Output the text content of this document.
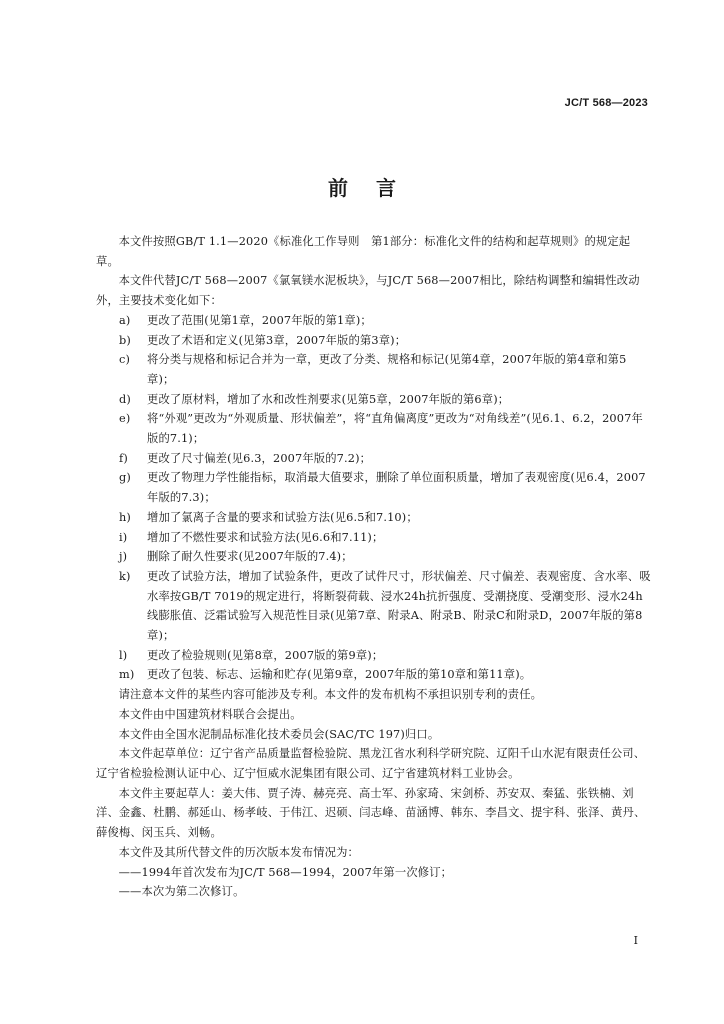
JC/T 568—2023
前言

本文件按照GB/T 1.1—2020《标准化工作导则　第1部分：标准化文件的结构和起草规则》的规定起草。

本文件代替JC/T 568—2007《氯氧镁水泥板块》，与JC/T 568—2007相比，除结构调整和编辑性改动外，主要技术变化如下：

a) 更改了范围(见第1章，2007年版的第1章)；

b) 更改了术语和定义(见第3章，2007年版的第3章)；

c) 将分类与规格和标记合并为一章，更改了分类、规格和标记(见第4章，2007年版的第4章和第5章)；

d) 更改了原材料，增加了水和改性剂要求(见第5章，2007年版的第6章)；

e) 将“外观”更改为“外观质量、形状偏差”，将“直角偏离度”更改为“对角线差”(见6.1、6.2，2007年版的7.1)；

f) 更改了尺寸偏差(见6.3，2007年版的7.2)；

g) 更改了物理力学性能指标，取消最大值要求，删除了单位面积质量，增加了表观密度(见6.4，2007年版的7.3)；

h) 增加了氯离子含量的要求和试验方法(见6.5和7.10)；

i) 增加了不燃性要求和试验方法(见6.6和7.11)；

j) 删除了耐久性要求(见2007年版的7.4)；

k) 更改了试验方法，增加了试验条件，更改了试件尺寸，形状偏差、尺寸偏差、表观密度、含水率、吸水率按GB/T 7019的规定进行，将断裂荷载、浸水24h抗折强度、受潮挠度、受潮变形、浸水24h线膨胀值、泛霜试验写入规范性目录(见第7章、附录A、附录B、附录C和附录D，2007年版的第8章)；

l) 更改了检验规则(见第8章，2007版的第9章)；

m) 更改了包装、标志、运输和贮存(见第9章，2007年版的第10章和第11章)。

请注意本文件的某些内容可能涉及专利。本文件的发布机构不承担识别专利的责任。

本文件由中国建筑材料联合会提出。

本文件由全国水泥制品标准化技术委员会(SAC/TC 197)归口。

本文件起草单位：辽宁省产品质量监督检验院、黑龙江省水利科学研究院、辽阳千山水泥有限责任公司、辽宁省检验检测认证中心、辽宁恒威水泥集团有限公司、辽宁省建筑材料工业协会。

本文件主要起草人：姜大伟、贾子涛、赫亮亮、高士军、孙家琦、宋剑桥、苏安双、秦猛、张铁楠、刘洋、金鑫、杜鹏、郝延山、杨孝岐、于伟江、迟硕、闫志峰、苗涵博、韩东、李昌文、提宇科、张泽、黄丹、薛俊梅、闵玉兵、刘畅。

本文件及其所代替文件的历次版本发布情况为：

——1994年首次发布为JC/T 568—1994，2007年第一次修订；

——本次为第二次修订。

I
